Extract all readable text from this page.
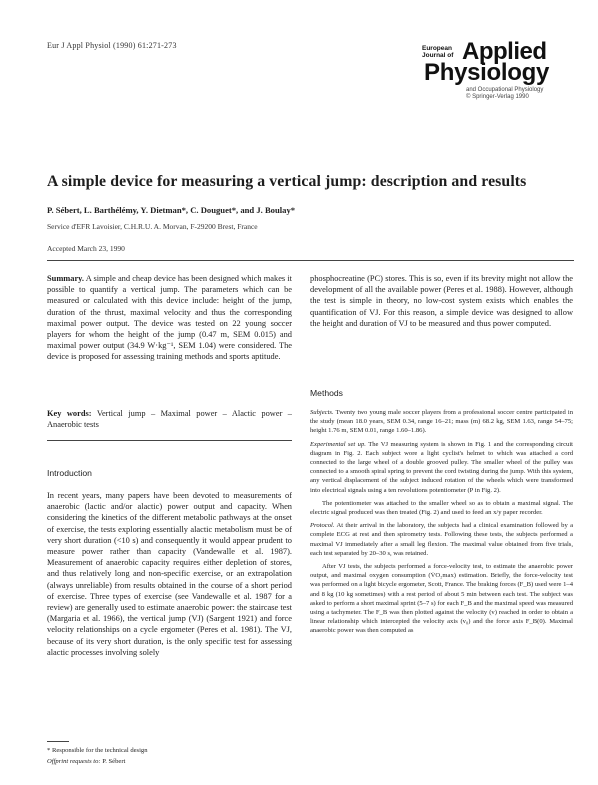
Eur J Appl Physiol (1990) 61:271-273	European
Journal of Applied
Physiology
and Occupational Physiology
© Springer-Verlag 1990
A simple device for measuring a vertical jump: description and results
P. Sébert, L. Barthélémy, Y. Dietman*, C. Douguet*, and J. Boulay*
Service d'EFR Lavoisier, C.H.R.U. A. Morvan, F-29200 Brest, France
Accepted March 23, 1990

Summary. A simple and cheap device has been designed which makes it possible to quantify a vertical jump. The parameters which can be measured or calculated with this device include: height of the jump, duration of the thrust, maximal velocity and thus the corresponding maximal power output. The device was tested on 22 young soccer players for whom the height of the jump (0.47 m, SEM 0.015) and maximal power output (34.9 W·kg⁻¹, SEM 1.04) were considered. The device is proposed for assessing training methods and sports aptitude.

Key words: Vertical jump – Maximal power – Alactic power – Anaerobic tests

Introduction

In recent years, many papers have been devoted to measurements of anaerobic (lactic and/or alactic) power output and capacity. When considering the kinetics of the different metabolic pathways at the onset of exercise, the tests exploring essentially alactic metabolism must be of very short duration (<10 s) and consequently it would appear prudent to measure power rather than capacity (Vandewalle et al. 1987). Measurement of anaerobic capacity requires either depletion of stores, and thus relatively long and non-specific exercise, or an extrapolation (always unreliable) from results obtained in the course of a short period of exercise. Three types of exercise (see Vandewalle et al. 1987 for a review) are generally used to estimate anaerobic power: the staircase test (Margaria et al. 1966), the vertical jump (VJ) (Sargent 1921) and force velocity relationships on a cycle ergometer (Peres et al. 1981). The VJ, because of its very short duration, is the only specific test for assessing alactic processes involving solely

* Responsible for the technical design
Offprint requests to: P. Sébert

phosphocreatine (PC) stores. This is so, even if its brevity might not allow the development of all the available power (Peres et al. 1988). However, although the test is simple in theory, no low-cost system exists which enables the quantification of VJ. For this reason, a simple device was designed to allow the height and duration of VJ to be measured and thus power computed.

Methods

Subjects. Twenty two young male soccer players from a professional soccer centre participated in the study (mean 18.0 years, SEM 0.34, range 16–21; mass (m) 68.2 kg, SEM 1.63, range 54–75; height 1.76 m, SEM 0.01, range 1.60–1.86).

Experimental set up. The VJ measuring system is shown in Fig. 1 and the corresponding circuit diagram in Fig. 2. Each subject wore a light cyclist's helmet to which was attached a cord connected to the large wheel of a double grooved pulley. The smaller wheel of the pulley was connected to a smooth spiral spring to prevent the cord twisting during the jump. With this system, any vertical displacement of the subject induced rotation of the wheels which were transformed into electrical signals using a ten revolutions potentiometer (P in Fig. 2).

The potentiometer was attached to the smaller wheel so as to obtain a maximal signal. The electric signal produced was then treated (Fig. 2) and used to feed an x/y paper recorder.

Protocol. At their arrival in the laboratory, the subjects had a clinical examination followed by a complete ECG at rest and then spirometry tests. Following these tests, the subjects performed a maximal VJ immediately after a small leg flexion. The maximal value obtained from five trials, each test separated by 20–30 s, was retained.

After VJ tests, the subjects performed a force-velocity test, to estimate the anaerobic power output, and maximal oxygen consumption (V̇O₂max) estimation. Briefly, the force-velocity test was performed on a light bicycle ergometer, Scott, France. The braking forces (F_B) used were 1–4 and 8 kg (10 kg sometimes) with a rest period of about 5 min between each test. The subject was asked to perform a short maximal sprint (5–7 s) for each F_B and the maximal speed was measured using a tachymeter. The F_B was then plotted against the velocity (v) reached in order to obtain a linear relationship which intercepted the velocity axis (v₀) and the force axis F_B(0). Maximal anaerobic power was then computed as
